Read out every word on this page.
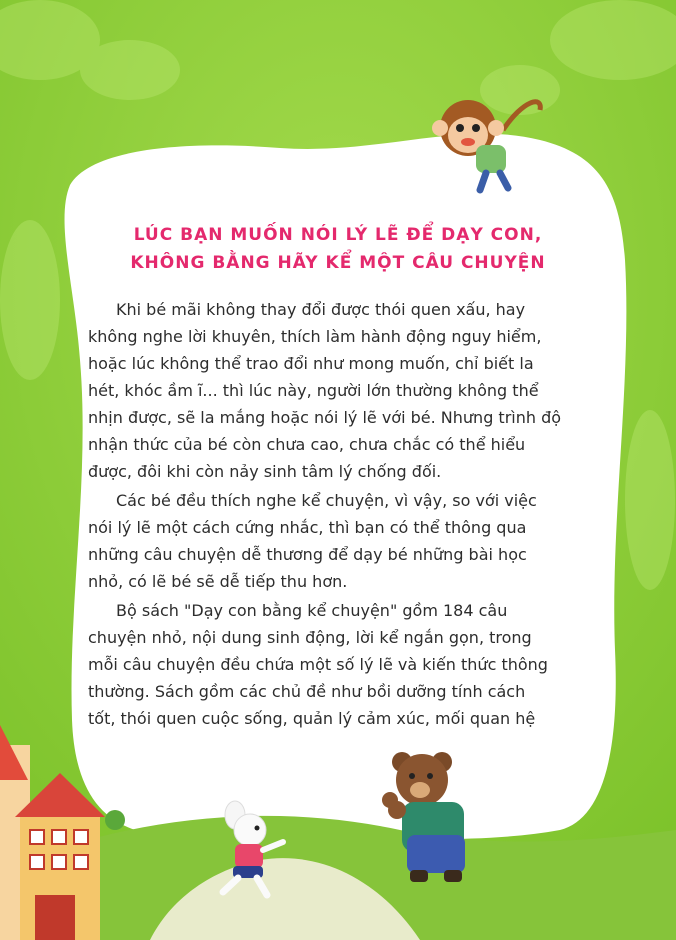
LÚC BẠN MUỐN NÓI LÝ LẼ ĐỂ DẠY CON,
KHÔNG BẰNG HÃY KỂ MỘT CÂU CHUYỆN

Khi bé mãi không thay đổi được thói quen xấu, hay
không nghe lời khuyên, thích làm hành động nguy hiểm,
hoặc lúc không thể trao đổi như mong muốn, chỉ biết la
hét, khóc ầm ĩ... thì lúc này, người lớn thường không thể
nhịn được, sẽ la mắng hoặc nói lý lẽ với bé. Nhưng trình độ
nhận thức của bé còn chưa cao, chưa chắc có thể hiểu
được, đôi khi còn nảy sinh tâm lý chống đối.

Các bé đều thích nghe kể chuyện, vì vậy, so với việc
nói lý lẽ một cách cứng nhắc, thì bạn có thể thông qua
những câu chuyện dễ thương để dạy bé những bài học
nhỏ, có lẽ bé sẽ dễ tiếp thu hơn.

Bộ sách "Dạy con bằng kể chuyện" gồm 184 câu
chuyện nhỏ, nội dung sinh động, lời kể ngắn gọn, trong
mỗi câu chuyện đều chứa một số lý lẽ và kiến thức thông
thường. Sách gồm các chủ đề như bồi dưỡng tính cách
tốt, thói quen cuộc sống, quản lý cảm xúc, mối quan hệ
